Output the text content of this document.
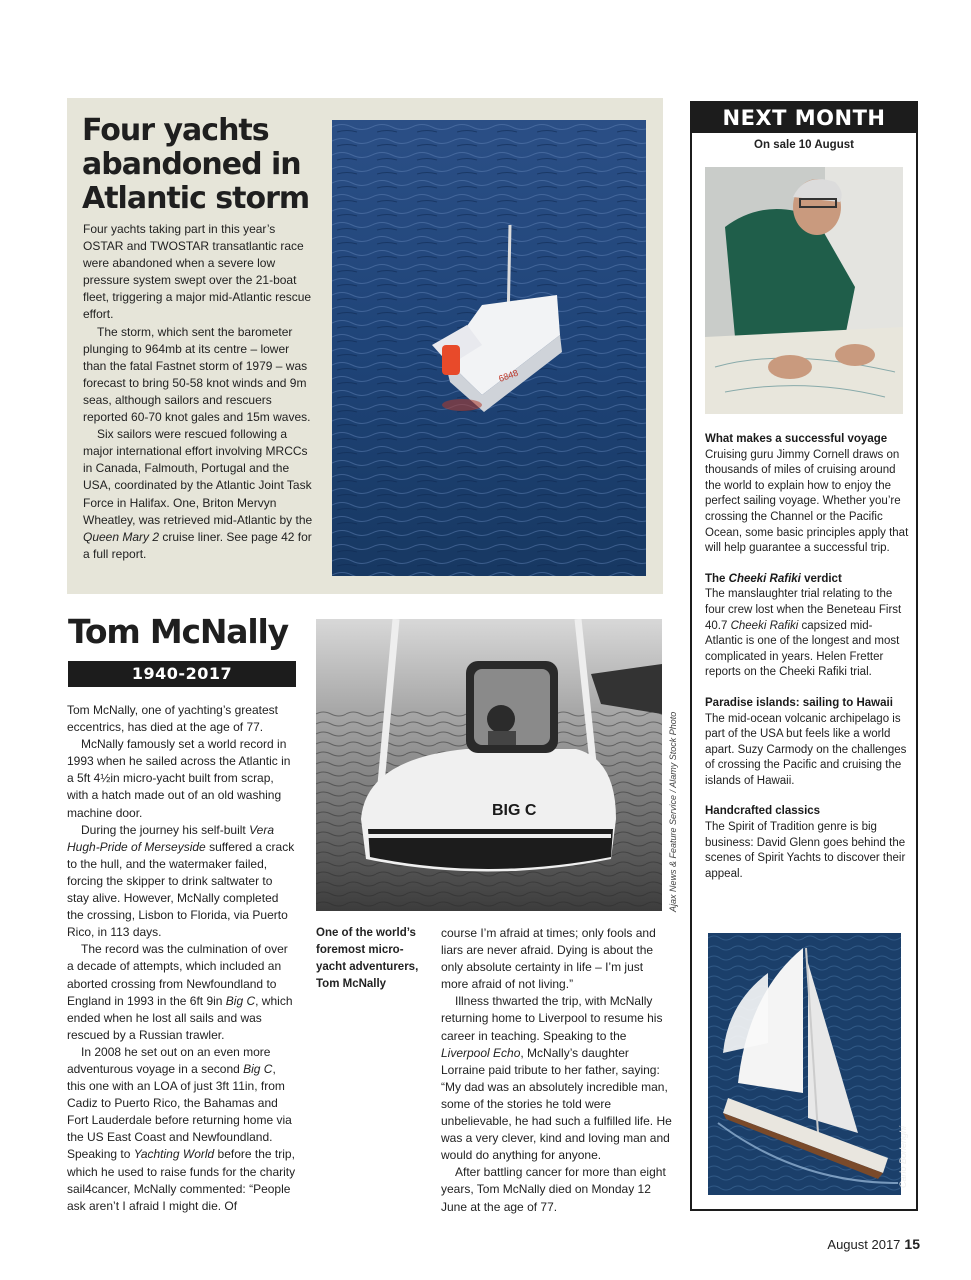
Four yachts abandoned in Atlantic storm

Four yachts taking part in this year’s OSTAR and TWOSTAR transatlantic race were abandoned when a severe low pressure system swept over the 21-boat fleet, triggering a major mid-Atlantic rescue effort.

The storm, which sent the barometer plunging to 964mb at its centre – lower than the fatal Fastnet storm of 1979 – was forecast to bring 50-58 knot winds and 9m seas, although sailors and rescuers reported 60-70 knot gales and 15m waves.

Six sailors were rescued following a major international effort involving MRCCs in Canada, Falmouth, Portugal and the USA, coordinated by the Atlantic Joint Task Force in Halifax. One, Briton Mervyn Wheatley, was retrieved mid-Atlantic by the Queen Mary 2 cruise liner. See page 42 for a full report.

6848
Tom McNally
1940-2017

Tom McNally, one of yachting’s greatest eccentrics, has died at the age of 77.

McNally famously set a world record in 1993 when he sailed across the Atlantic in a 5ft 4½in micro-yacht built from scrap, with a hatch made out of an old washing machine door.

During the journey his self-built Vera Hugh-Pride of Merseyside suffered a crack to the hull, and the watermaker failed, forcing the skipper to drink saltwater to stay alive. However, McNally completed the crossing, Lisbon to Florida, via Puerto Rico, in 113 days.

The record was the culmination of over a decade of attempts, which included an aborted crossing from Newfoundland to England in 1993 in the 6ft 9in Big C, which ended when he lost all sails and was rescued by a Russian trawler.

In 2008 he set out on an even more adventurous voyage in a second Big C, this one with an LOA of just 3ft 11in, from Cadiz to Puerto Rico, the Bahamas and Fort Lauderdale before returning home via the US East Coast and Newfoundland. Speaking to Yachting World before the trip, which he used to raise funds for the charity sail4cancer, McNally commented: “People ask aren’t I afraid I might die. Of

BIG C	Ajax News & Feature Service / Alamy Stock Photo
One of the world’s foremost micro-yacht adventurers, Tom McNally

course I’m afraid at times; only fools and liars are never afraid. Dying is about the only absolute certainty in life – I’m just more afraid of not living.”

Illness thwarted the trip, with McNally returning home to Liverpool to resume his career in teaching. Speaking to the Liverpool Echo, McNally’s daughter Lorraine paid tribute to her father, saying: “My dad was an absolutely incredible man, some of the stories he told were unbelievable, he had such a fulfilled life. He was a very clever, kind and loving man and would do anything for anyone.

After battling cancer for more than eight years, Tom McNally died on Monday 12 June at the age of 77.

NEXT MONTH
On sale 10 August
What makes a successful voyage

Cruising guru Jimmy Cornell draws on thousands of miles of cruising around the world to explain how to enjoy the perfect sailing voyage. Whether you’re crossing the Channel or the Pacific Ocean, some basic principles apply that will help guarantee a successful trip.

The Cheeki Rafiki verdict

The manslaughter trial relating to the four crew lost when the Beneteau First 40.7 Cheeki Rafiki capsized mid-Atlantic is one of the longest and most complicated in years. Helen Fretter reports on the Cheeki Rafiki trial.

Paradise islands: sailing to Hawaii

The mid-ocean volcanic archipelago is part of the USA but feels like a world apart. Suzy Carmody on the challenges of crossing the Pacific and cruising the islands of Hawaii.

Handcrafted classics

The Spirit of Tradition genre is big business: David Glenn goes behind the scenes of Spirit Yachts to discover their appeal.

Carlo Borlenghi
August 2017 15
